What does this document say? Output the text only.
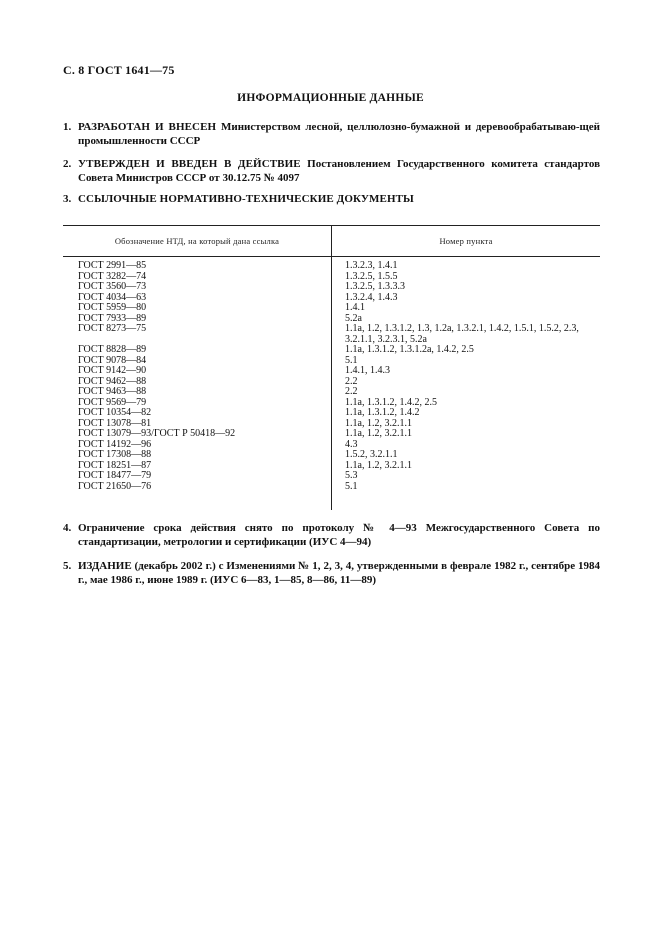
С. 8 ГОСТ 1641—75
ИНФОРМАЦИОННЫЕ ДАННЫЕ
1. РАЗРАБОТАН И ВНЕСЕН Министерством лесной, целлюлозно-бумажной и деревообрабатываю-щей промышленности СССР
2. УТВЕРЖДЕН И ВВЕДЕН В ДЕЙСТВИЕ Постановлением Государственного комитета стандартов Совета Министров СССР от 30.12.75 № 4097
3. ССЫЛОЧНЫЕ НОРМАТИВНО-ТЕХНИЧЕСКИЕ ДОКУМЕНТЫ
Обозначение НТД, на который дана ссылка	Номер пункта
ГОСТ 2991—85	1.3.2.3, 1.4.1
ГОСТ 3282—74	1.3.2.5, 1.5.5
ГОСТ 3560—73	1.3.2.5, 1.3.3.3
ГОСТ 4034—63	1.3.2.4, 1.4.3
ГОСТ 5959—80	1.4.1
ГОСТ 7933—89	5.2а
ГОСТ 8273—75	1.1а, 1.2, 1.3.1.2, 1.3, 1.2а, 1.3.2.1, 1.4.2, 1.5.1, 1.5.2, 2.3, 3.2.1.1, 3.2.3.1, 5.2а
ГОСТ 8828—89	1.1а, 1.3.1.2, 1.3.1.2а, 1.4.2, 2.5
ГОСТ 9078—84	5.1
ГОСТ 9142—90	1.4.1, 1.4.3
ГОСТ 9462—88	2.2
ГОСТ 9463—88	2.2
ГОСТ 9569—79	1.1а, 1.3.1.2, 1.4.2, 2.5
ГОСТ 10354—82	1.1а, 1.3.1.2, 1.4.2
ГОСТ 13078—81	1.1а, 1.2, 3.2.1.1
ГОСТ 13079—93/ГОСТ Р 50418—92	1.1а, 1.2, 3.2.1.1
ГОСТ 14192—96	4.3
ГОСТ 17308—88	1.5.2, 3.2.1.1
ГОСТ 18251—87	1.1а, 1.2, 3.2.1.1
ГОСТ 18477—79	5.3
ГОСТ 21650—76	5.1
4. Ограничение срока действия снято по протоколу № 4—93 Межгосударственного Совета по стандартизации, метрологии и сертификации (ИУС 4—94)
5. ИЗДАНИЕ (декабрь 2002 г.) с Изменениями № 1, 2, 3, 4, утвержденными в феврале 1982 г., сентябре 1984 г., мае 1986 г., июне 1989 г. (ИУС 6—83, 1—85, 8—86, 11—89)
